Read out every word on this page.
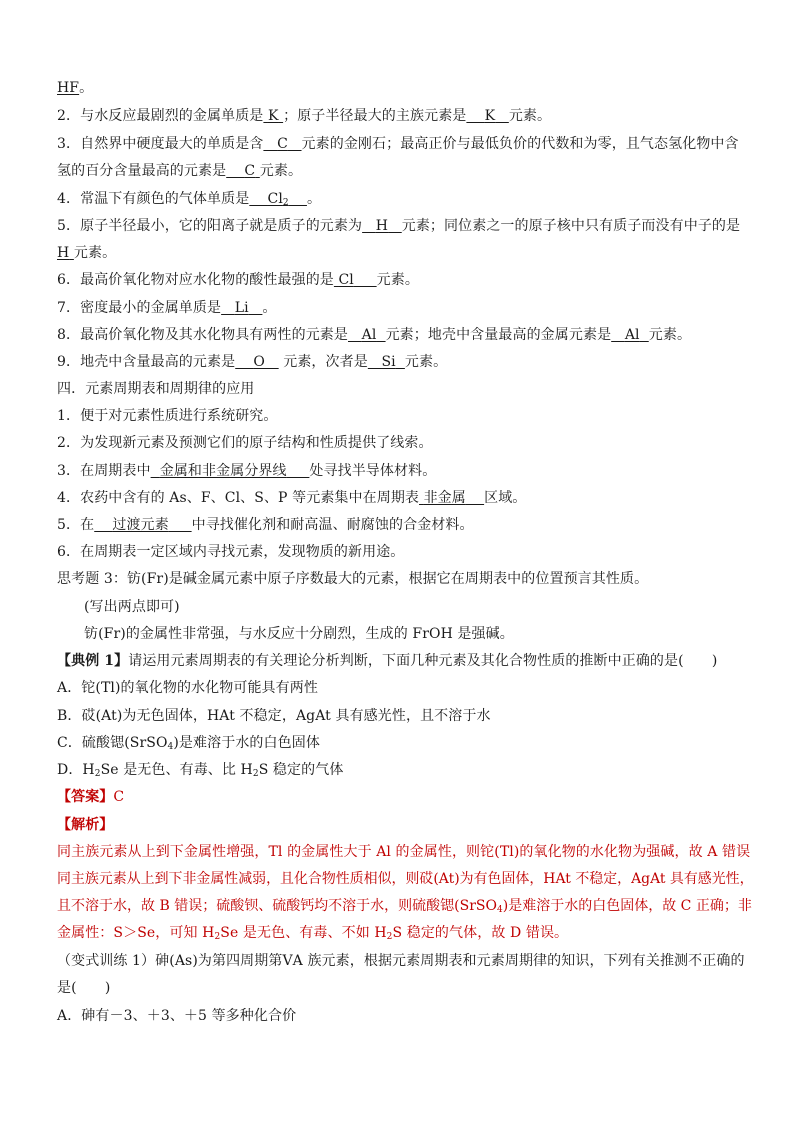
HF。
2．与水反应最剧烈的金属单质是 K ；原子半径最大的主族元素是 K 元素。
3．自然界中硬度最大的单质是含 C 元素的金刚石；最高正价与最低负价的代数和为零，且气态氢化物中含
氢的百分含量最高的元素是 C 元素。
4．常温下有颜色的气体单质是 $Cl_2$ 。
5．原子半径最小，它的阳离子就是质子的元素为 H 元素；同位素之一的原子核中只有质子而没有中子的是
H 元素。
6．最高价氧化物对应水化物的酸性最强的是 Cl 元素。
7．密度最小的金属单质是 Li 。
8．最高价氧化物及其水化物具有两性的元素是 Al 元素；地壳中含量最高的金属元素是 Al 元素。
9．地壳中含量最高的元素是 O 元素，次者是 Si 元素。
四．元素周期表和周期律的应用
1．便于对元素性质进行系统研究。
2．为发现新元素及预测它们的原子结构和性质提供了线索。
3．在周期表中 金属和非金属分界线 处寻找半导体材料。
4．农药中含有的 As、F、Cl、S、P 等元素集中在周期表 非金属 区域。
5．在 过渡元素 中寻找催化剂和耐高温、耐腐蚀的合金材料。
6．在周期表一定区域内寻找元素，发现物质的新用途。
思考题 3：钫(Fr)是碱金属元素中原子序数最大的元素，根据它在周期表中的位置预言其性质。
(写出两点即可)
钫(Fr)的金属性非常强，与水反应十分剧烈，生成的 FrOH 是强碱。
【典例 1】请运用元素周期表的有关理论分析判断，下面几种元素及其化合物性质的推断中正确的是(　　)
A．铊(Tl)的氧化物的水化物可能具有两性
B．砹(At)为无色固体，HAt 不稳定，AgAt 具有感光性，且不溶于水
C．硫酸锶(SrSO$_4$)是难溶于水的白色固体
D．$H_2Se$ 是无色、有毒、比 $H_2S$ 稳定的气体
【答案】C
【解析】
同主族元素从上到下金属性增强，Tl 的金属性大于 Al 的金属性，则铊(Tl)的氧化物的水化物为强碱，故 A 错误
同主族元素从上到下非金属性减弱，且化合物性质相似，则砹(At)为有色固体，HAt 不稳定，AgAt 具有感光性，
且不溶于水，故 B 错误；硫酸钡、硫酸钙均不溶于水，则硫酸锶(SrSO$_4$)是难溶于水的白色固体，故 C 正确；非
金属性：S＞Se，可知 $H_2Se$ 是无色、有毒、不如 $H_2S$ 稳定的气体，故 D 错误。
（变式训练 1）砷(As)为第四周期第ⅤA 族元素，根据元素周期表和元素周期律的知识，下列有关推测不正确的
是(　　)
A．砷有－3、＋3、＋5 等多种化合价
